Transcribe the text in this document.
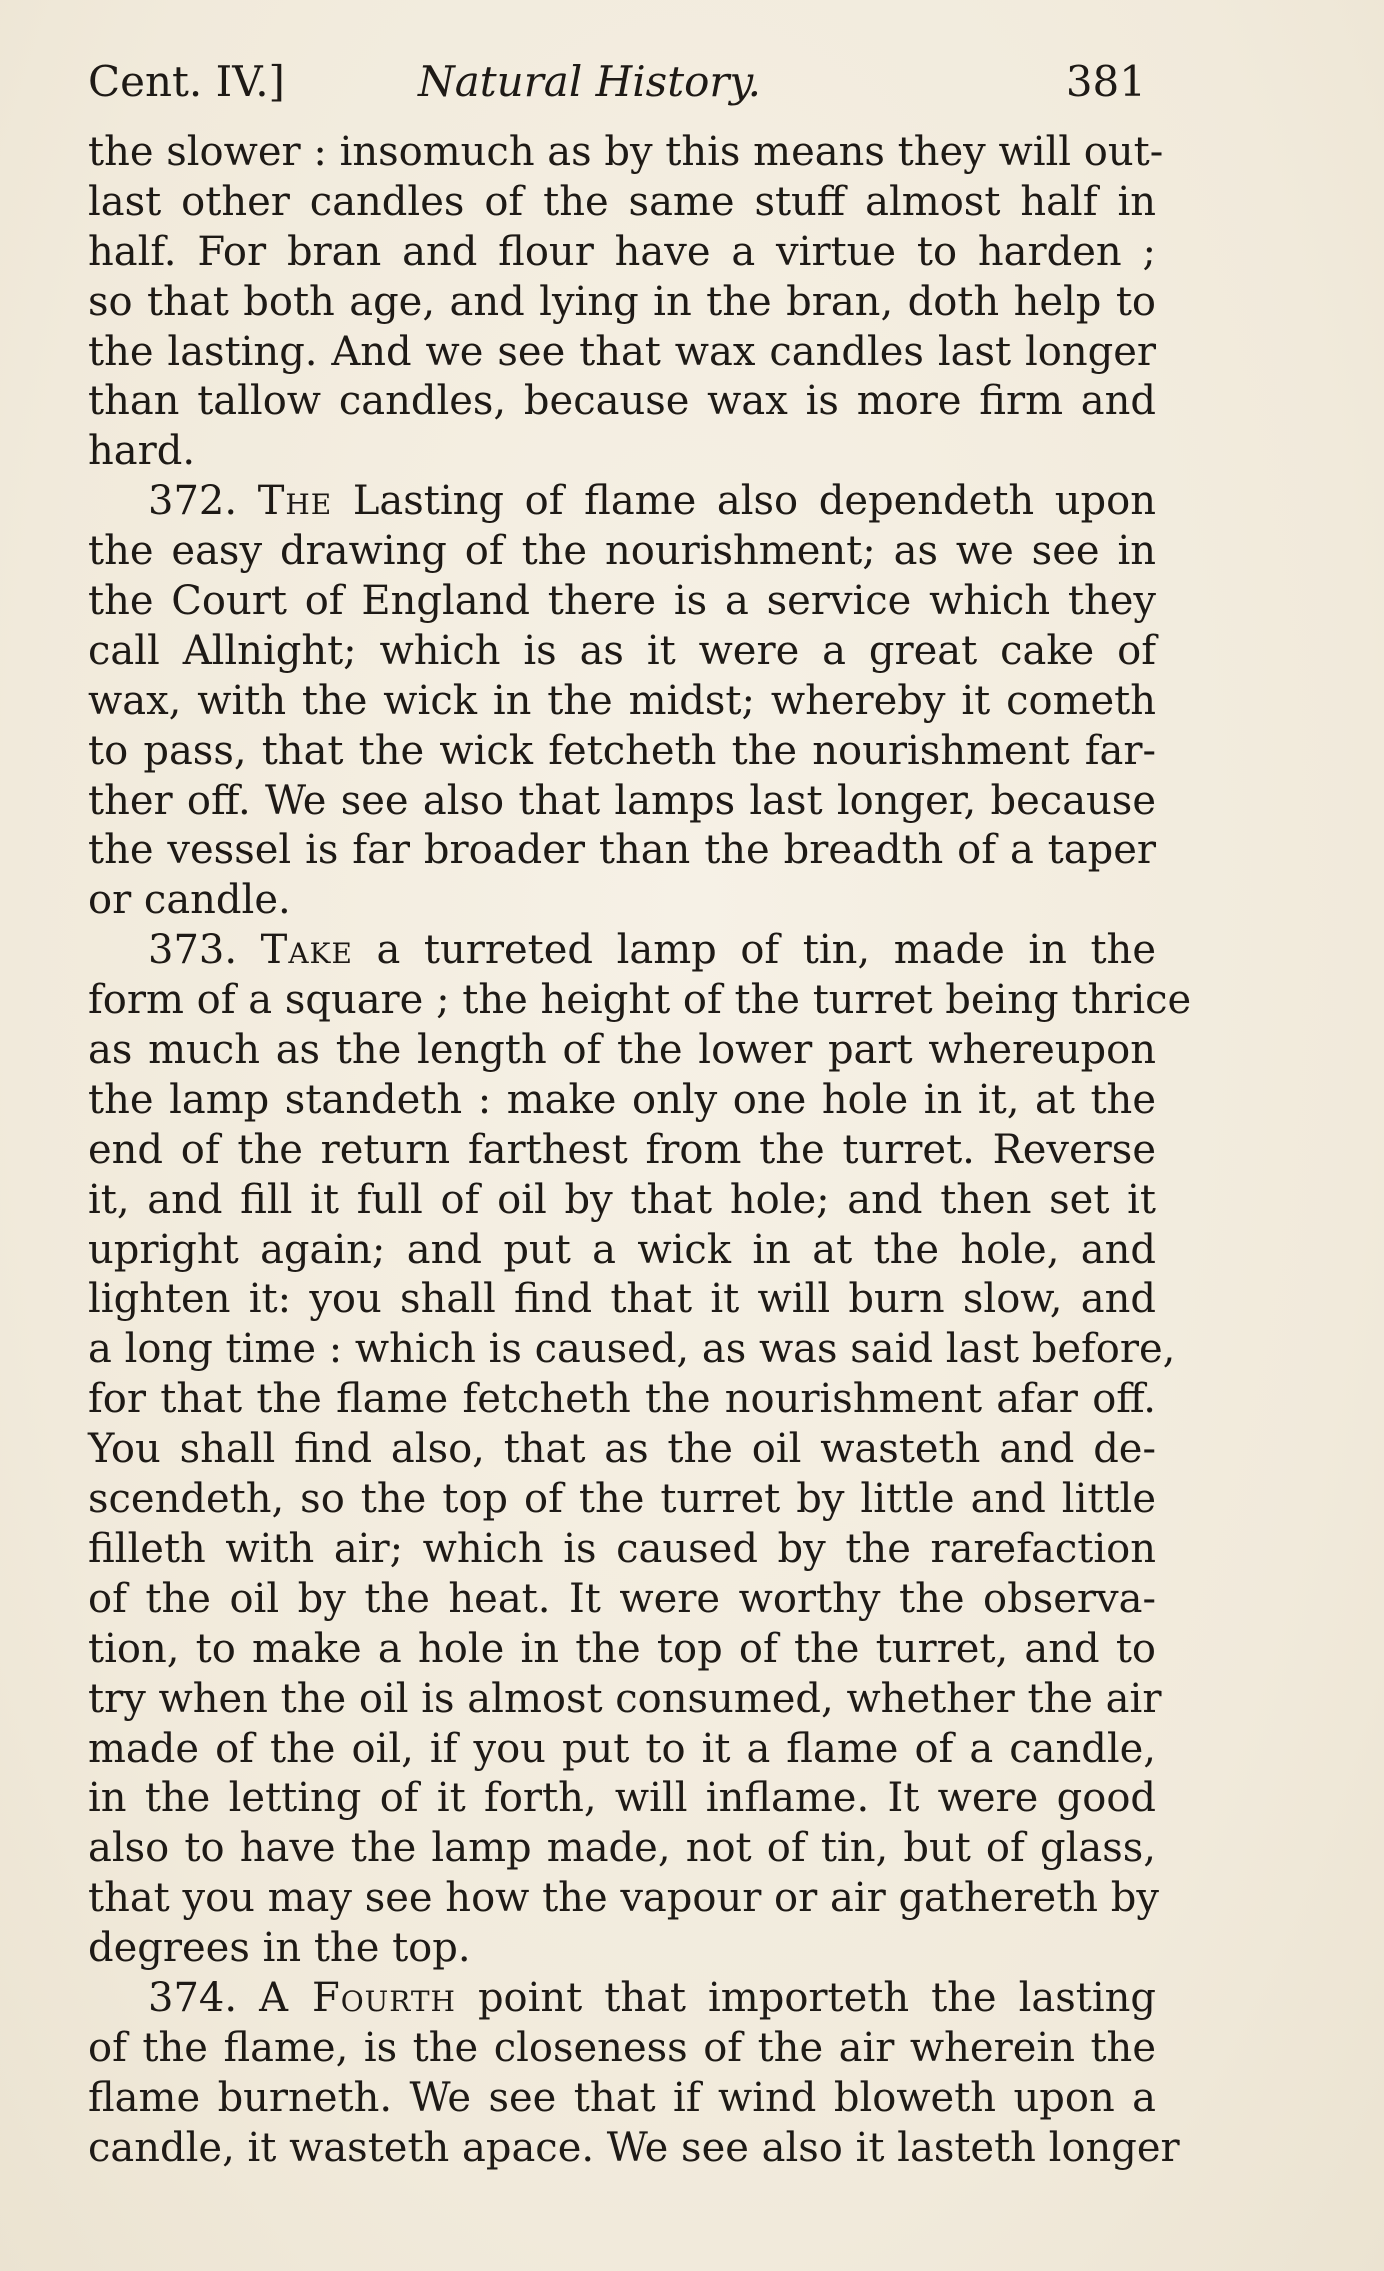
Cent. IV.]	Natural History.	381
the slower : insomuch as by this means they will out-
last other candles of the same stuff almost half in
half. For bran and flour have a virtue to harden ;
so that both age, and lying in the bran, doth help to
the lasting. And we see that wax candles last longer
than tallow candles, because wax is more firm and
hard.
372. The Lasting of flame also dependeth upon
the easy drawing of the nourishment; as we see in
the Court of England there is a service which they
call Allnight; which is as it were a great cake of
wax, with the wick in the midst; whereby it cometh
to pass, that the wick fetcheth the nourishment far-
ther off. We see also that lamps last longer, because
the vessel is far broader than the breadth of a taper
or candle.
373. Take a turreted lamp of tin, made in the
form of a square ; the height of the turret being thrice
as much as the length of the lower part whereupon
the lamp standeth : make only one hole in it, at the
end of the return farthest from the turret. Reverse
it, and fill it full of oil by that hole; and then set it
upright again; and put a wick in at the hole, and
lighten it: you shall find that it will burn slow, and
a long time : which is caused, as was said last before,
for that the flame fetcheth the nourishment afar off.
You shall find also, that as the oil wasteth and de-
scendeth, so the top of the turret by little and little
filleth with air; which is caused by the rarefaction
of the oil by the heat. It were worthy the observa-
tion, to make a hole in the top of the turret, and to
try when the oil is almost consumed, whether the air
made of the oil, if you put to it a flame of a candle,
in the letting of it forth, will inflame. It were good
also to have the lamp made, not of tin, but of glass,
that you may see how the vapour or air gathereth by
degrees in the top.
374. A Fourth point that importeth the lasting
of the flame, is the closeness of the air wherein the
flame burneth. We see that if wind bloweth upon a
candle, it wasteth apace. We see also it lasteth longer
